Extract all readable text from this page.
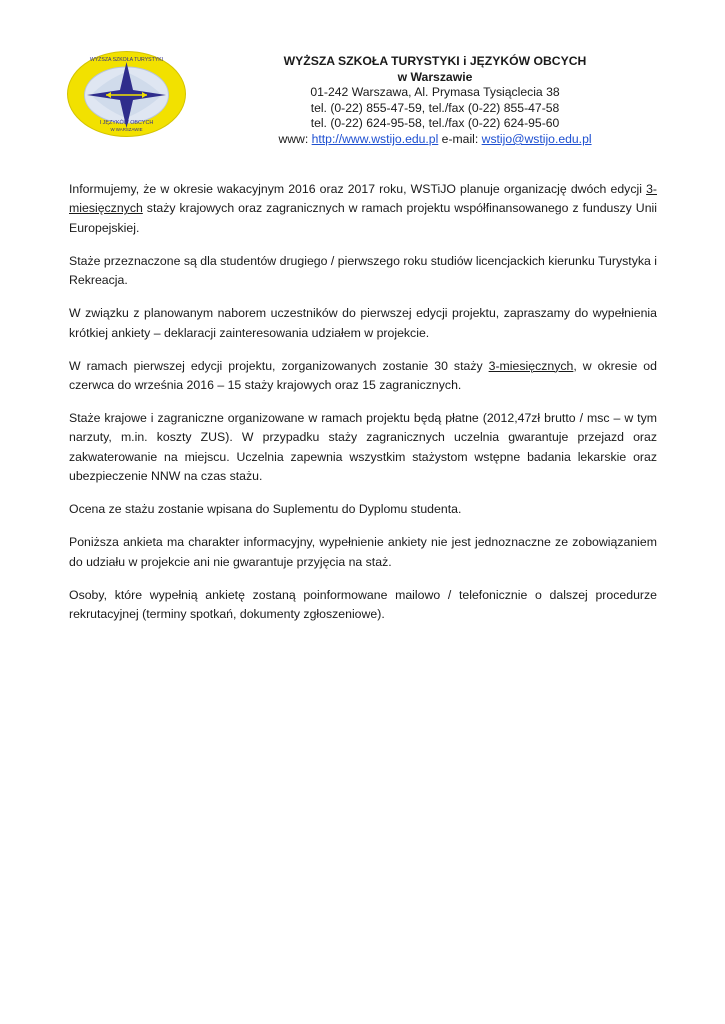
WYŻSZA SZKOŁA TURYSTYKI
I JĘZYKÓW OBCYCH
W WARSZAWIE
WYŻSZA SZKOŁA TURYSTYKI i JĘZYKÓW OBCYCH
w Warszawie
01-242 Warszawa, Al. Prymasa Tysiąclecia 38
tel. (0-22) 855-47-59, tel./fax (0-22) 855-47-58
tel. (0-22) 624-95-58, tel./fax (0-22) 624-95-60
www: http://www.wstijo.edu.pl e-mail: wstijo@wstijo.edu.pl

Informujemy, że w okresie wakacyjnym 2016 oraz 2017 roku, WSTiJO planuje organizację dwóch edycji 3-miesięcznych staży krajowych oraz zagranicznych w ramach projektu współfinansowanego z funduszy Unii Europejskiej.

Staże przeznaczone są dla studentów drugiego / pierwszego roku studiów licencjackich kierunku Turystyka i Rekreacja.

W związku z planowanym naborem uczestników do pierwszej edycji projektu, zapraszamy do wypełnienia krótkiej ankiety – deklaracji zainteresowania udziałem w projekcie.

W ramach pierwszej edycji projektu, zorganizowanych zostanie 30 staży 3-miesięcznych, w okresie od czerwca do września 2016 – 15 staży krajowych oraz 15 zagranicznych.

Staże krajowe i zagraniczne organizowane w ramach projektu będą płatne (2012,47zł brutto / msc – w tym narzuty, m.in. koszty ZUS). W przypadku staży zagranicznych uczelnia gwarantuje przejazd oraz zakwaterowanie na miejscu. Uczelnia zapewnia wszystkim stażystom wstępne badania lekarskie oraz ubezpieczenie NNW na czas stażu.

Ocena ze stażu zostanie wpisana do Suplementu do Dyplomu studenta.

Poniższa ankieta ma charakter informacyjny, wypełnienie ankiety nie jest jednoznaczne ze zobowiązaniem do udziału w projekcie ani nie gwarantuje przyjęcia na staż.

Osoby, które wypełnią ankietę zostaną poinformowane mailowo / telefonicznie o dalszej procedurze rekrutacyjnej (terminy spotkań, dokumenty zgłoszeniowe).
